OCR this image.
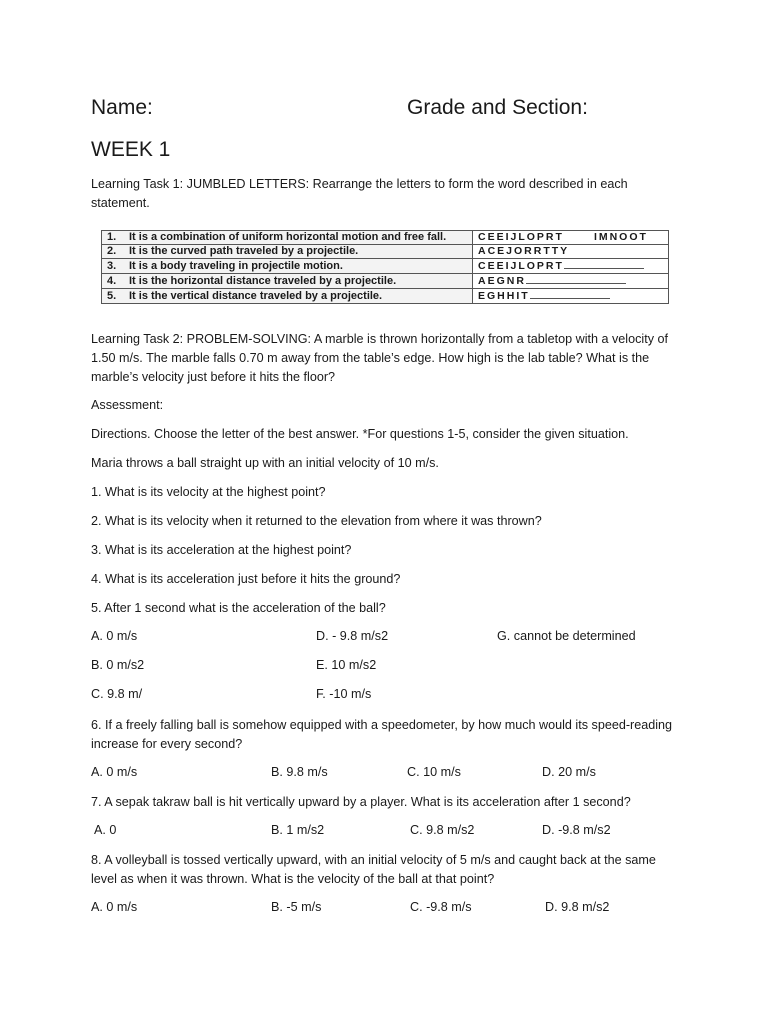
Name:	Grade and Section:
WEEK 1
Learning Task 1: JUMBLED LETTERS: Rearrange the letters to form the word described in each statement.
1. It is a combination of uniform horizontal motion and free fall.	CEEIJLOPRT IMNOOT
2. It is the curved path traveled by a projectile.	ACEJORRTTY
3. It is a body traveling in projectile motion.	CEEIJLOPRT
4. It is the horizontal distance traveled by a projectile.	AEGNR
5. It is the vertical distance traveled by a projectile.	EGHHIT
Learning Task 2: PROBLEM-SOLVING: A marble is thrown horizontally from a tabletop with a velocity of 1.50 m/s. The marble falls 0.70 m away from the table’s edge. How high is the lab table? What is the marble’s velocity just before it hits the floor?
Assessment:
Directions. Choose the letter of the best answer. *For questions 1-5, consider the given situation.
Maria throws a ball straight up with an initial velocity of 10 m/s.
1. What is its velocity at the highest point?
2. What is its velocity when it returned to the elevation from where it was thrown?
3. What is its acceleration at the highest point?
4. What is its acceleration just before it hits the ground?
5. After 1 second what is the acceleration of the ball?
A. 0 m/s	D. - 9.8 m/s2	G. cannot be determined
B. 0 m/s2	E. 10 m/s2
C. 9.8 m/	F. -10 m/s
6. If a freely falling ball is somehow equipped with a speedometer, by how much would its speed-reading increase for every second?
A. 0 m/s	B. 9.8 m/s	C. 10 m/s	D. 20 m/s
7. A sepak takraw ball is hit vertically upward by a player. What is its acceleration after 1 second?
A. 0	B. 1 m/s2	C. 9.8 m/s2	D. -9.8 m/s2
8. A volleyball is tossed vertically upward, with an initial velocity of 5 m/s and caught back at the same level as when it was thrown. What is the velocity of the ball at that point?
A. 0 m/s	B. -5 m/s	C. -9.8 m/s	D. 9.8 m/s2
